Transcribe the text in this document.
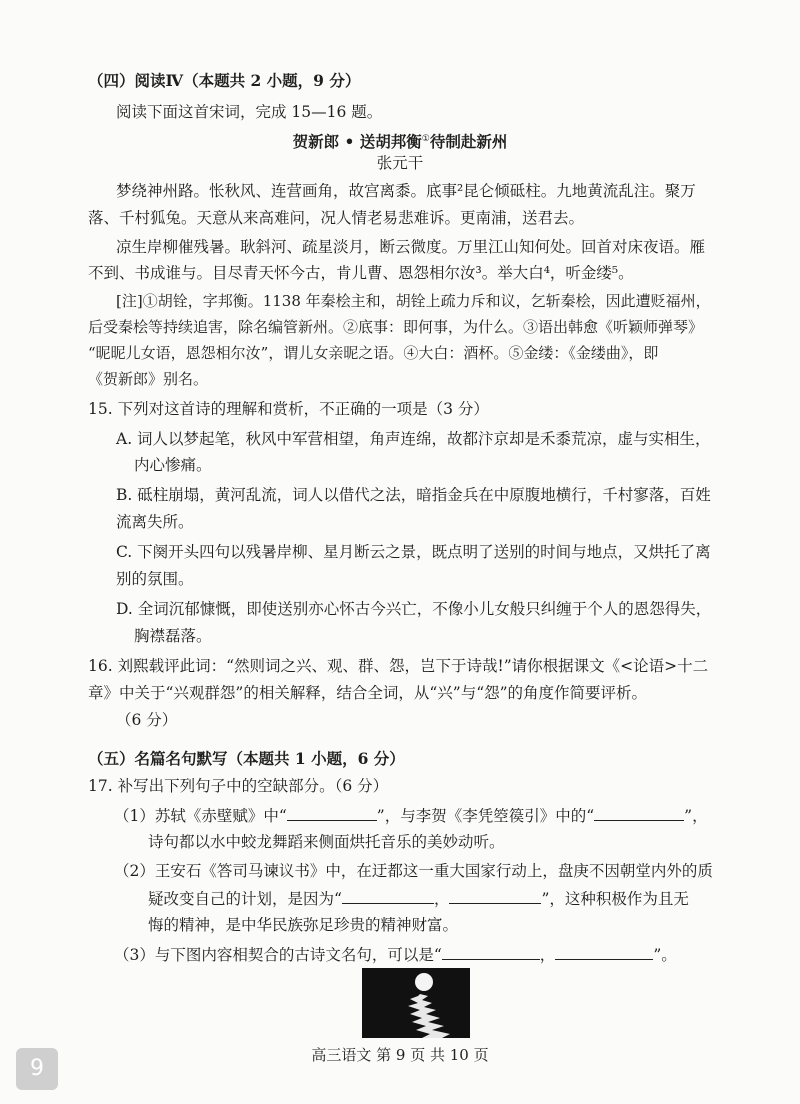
（四）阅读Ⅳ（本题共 2 小题，9 分）
阅读下面这首宋词，完成 15—16 题。
贺新郎 • 送胡邦衡①待制赴新州
张元干
梦绕神州路。怅秋风、连营画角，故宫离黍。底事²昆仑倾砥柱。九地黄流乱注。聚万
落、千村狐兔。天意从来高难问，况人情老易悲难诉。更南浦，送君去。
凉生岸柳催残暑。耿斜河、疏星淡月，断云微度。万里江山知何处。回首对床夜语。雁
不到、书成谁与。目尽青天怀今古，肯儿曹、恩怨相尔汝³。举大白⁴，听金缕⁵。
[注]①胡铨，字邦衡。1138 年秦桧主和，胡铨上疏力斥和议，乞斩秦桧，因此遭贬福州，
后受秦桧等持续追害，除名编管新州。②底事：即何事，为什么。③语出韩愈《听颖师弹琴》
“昵昵儿女语，恩怨相尔汝”，谓儿女亲昵之语。④大白：酒杯。⑤金缕：《金缕曲》，即
《贺新郎》别名。
15. 下列对这首诗的理解和赏析，不正确的一项是（3 分）
A. 词人以梦起笔，秋风中军营相望，角声连绵，故都汴京却是禾黍荒凉，虚与实相生，
内心惨痛。
B. 砥柱崩塌，黄河乱流，词人以借代之法，暗指金兵在中原腹地横行，千村寥落，百姓
流离失所。
C. 下阕开头四句以残暑岸柳、星月断云之景，既点明了送别的时间与地点，又烘托了离
别的氛围。
D. 全词沉郁慷慨，即使送别亦心怀古今兴亡，不像小儿女般只纠缠于个人的恩怨得失，
胸襟磊落。
16. 刘熙载评此词：“然则词之兴、观、群、怨，岂下于诗哉!”请你根据课文《<论语>十二
章》中关于“兴观群怨”的相关解释，结合全词，从“兴”与“怨”的角度作简要评析。
（6 分）
（五）名篇名句默写（本题共 1 小题，6 分）
17. 补写出下列句子中的空缺部分。（6 分）
（1）苏轼《赤壁赋》中“	”，与李贺《李凭箜篌引》中的“	”，
诗句都以水中蛟龙舞蹈来侧面烘托音乐的美妙动听。
（2）王安石《答司马谏议书》中，在迂都这一重大国家行动上，盘庚不因朝堂内外的质
疑改变自己的计划，是因为“	，	”，这种积极作为且无
悔的精神，是中华民族弥足珍贵的精神财富。
（3）与下图内容相契合的古诗文名句，可以是“	，	”。
高三语文 第 9 页 共 10 页
9
